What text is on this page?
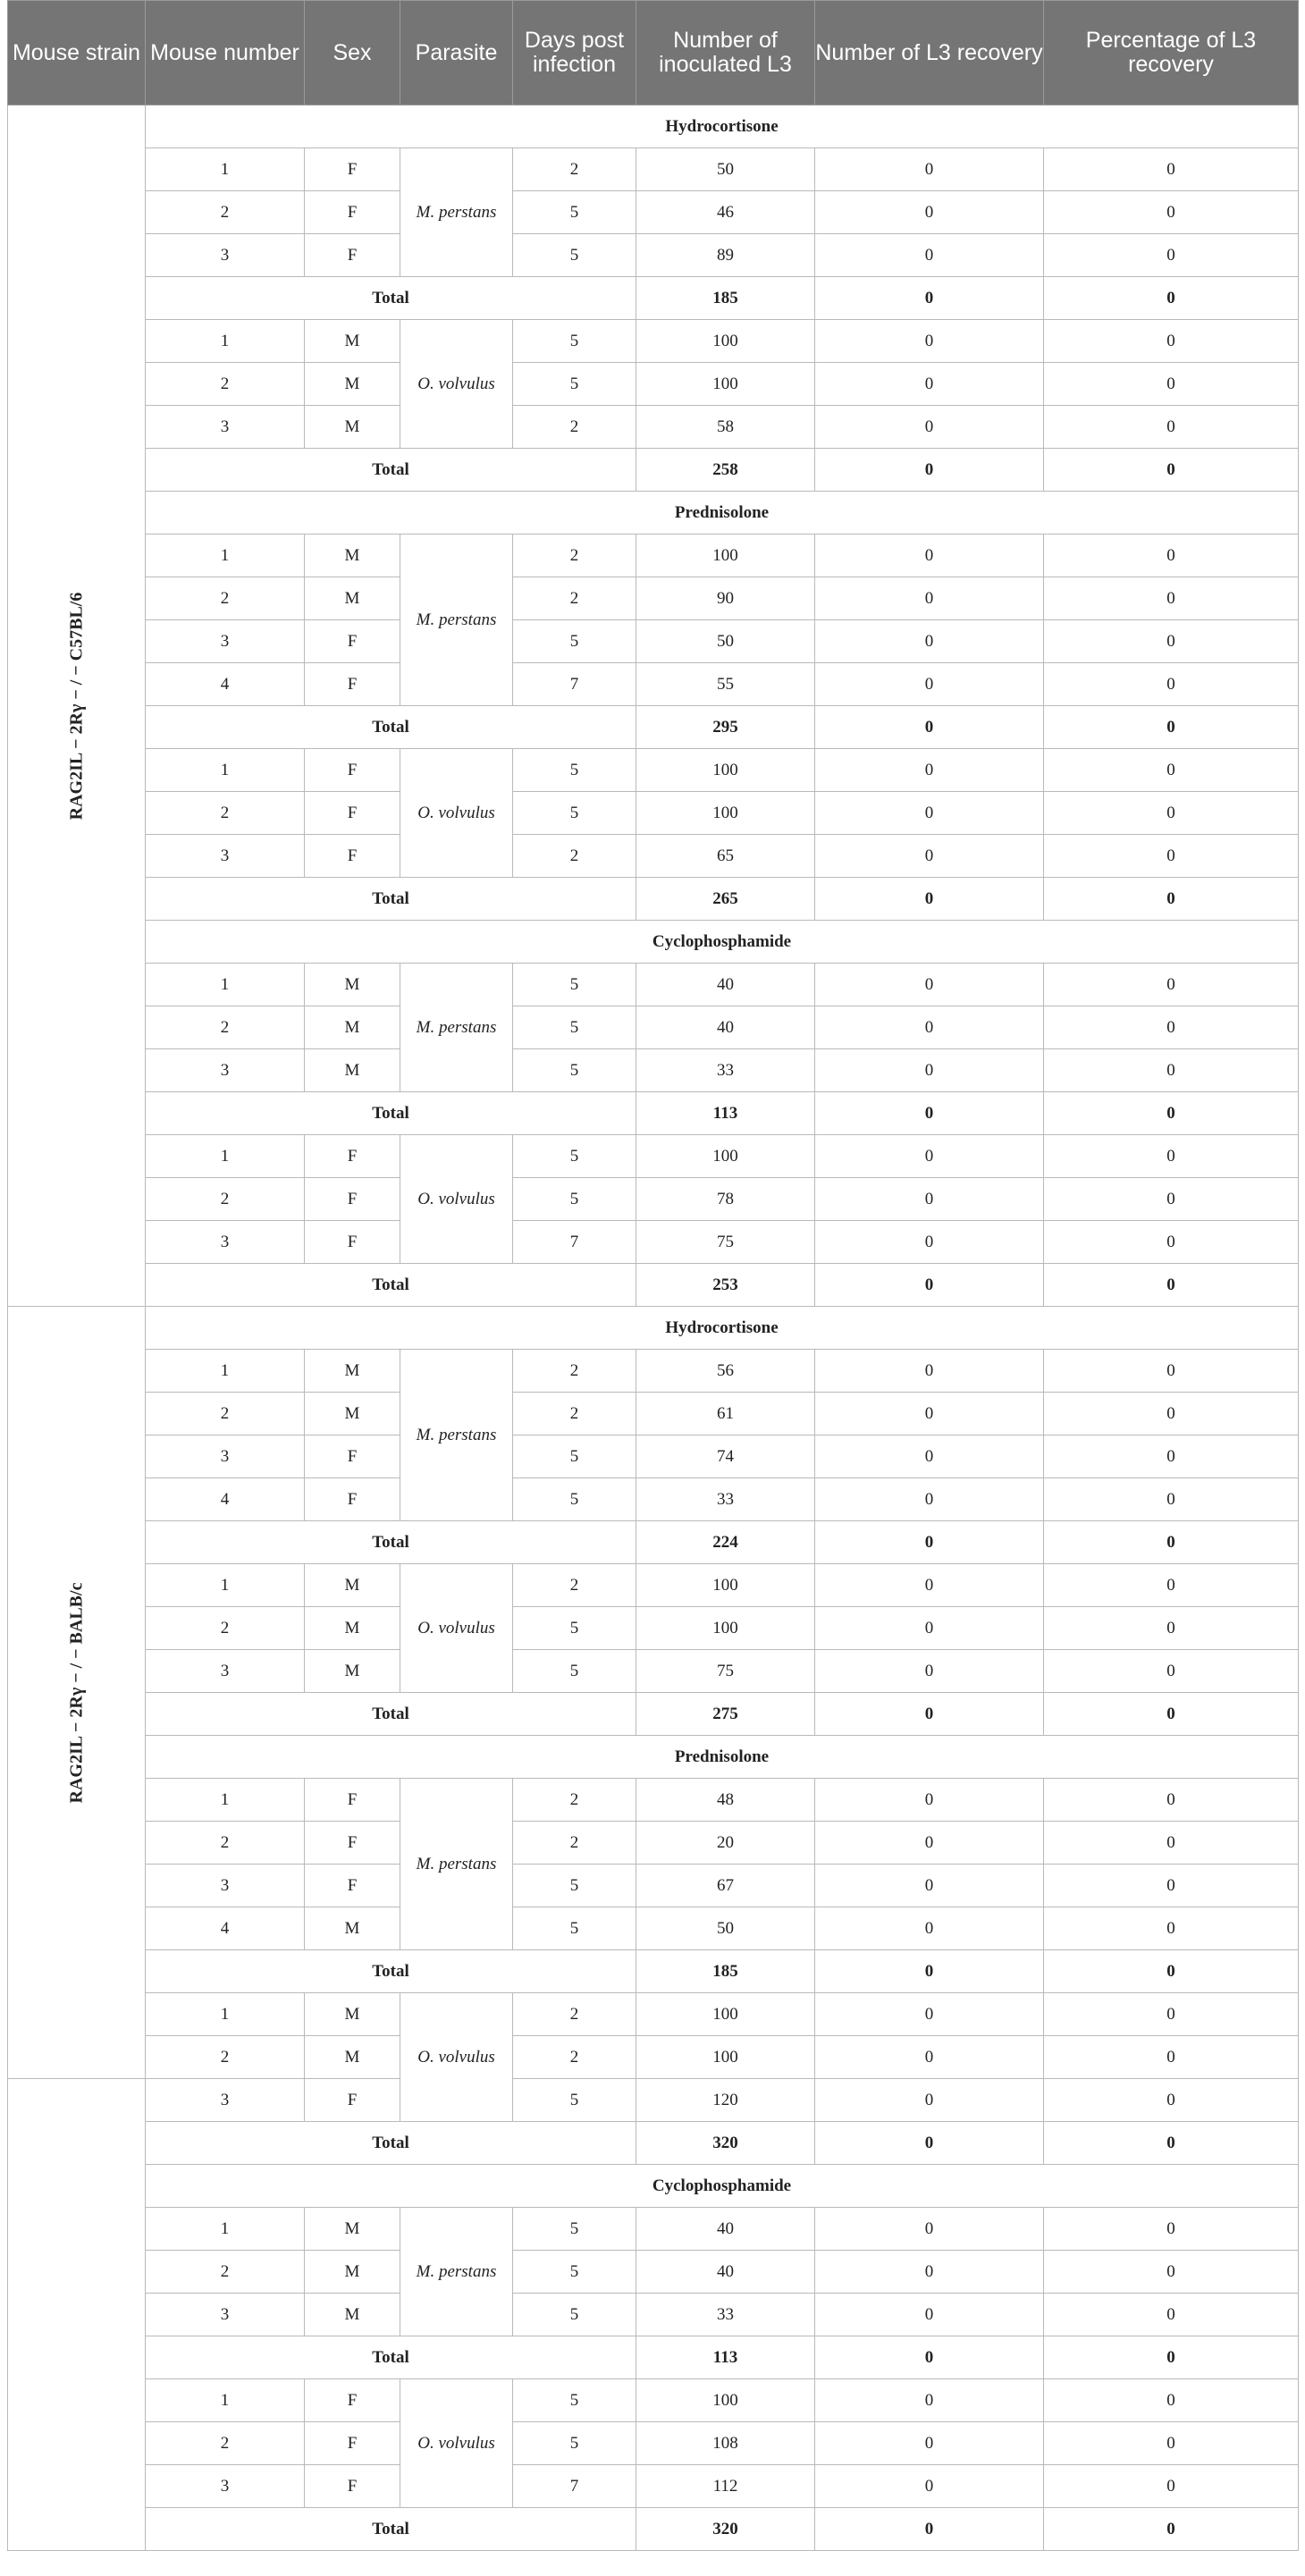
Mouse strain	Mouse number	Sex	Parasite	Days post infection	Number of inoculated L3	Number of L3 recovery	Percentage of L3 recovery

RAG2IL − 2Rγ − / − C57BL/6	Hydrocortisone						
	1	F	M. perstans	2	50	0	0
	2	F		5	46	0	0
	3	F		5	89	0	0
	Total				185	0	0
	1	M	O. volvulus	5	100	0	0
	2	M		5	100	0	0
	3	M		2	58	0	0
	Total				258	0	0
	Prednisolone						
	1	M	M. perstans	2	100	0	0
	2	M		2	90	0	0
	3	F		5	50	0	0
	4	F		7	55	0	0
	Total				295	0	0
	1	F	O. volvulus	5	100	0	0
	2	F		5	100	0	0
	3	F		2	65	0	0
	Total				265	0	0
	Cyclophosphamide						
	1	M	M. perstans	5	40	0	0
	2	M		5	40	0	0
	3	M		5	33	0	0
	Total				113	0	0
	1	F	O. volvulus	5	100	0	0
	2	F		5	78	0	0
	3	F		7	75	0	0
	Total				253	0	0

RAG2IL − 2Rγ − / − BALB/c	Hydrocortisone						
	1	M	M. perstans	2	56	0	0
	2	M		2	61	0	0
	3	F		5	74	0	0
	4	F		5	33	0	0
	Total				224	0	0
	1	M	O. volvulus	2	100	0	0
	2	M		5	100	0	0
	3	M		5	75	0	0
	Total				275	0	0
	Prednisolone						
	1	F	M. perstans	2	48	0	0
	2	F		2	20	0	0
	3	F		5	67	0	0
	4	M		5	50	0	0
	Total				185	0	0
	1	M	O. volvulus	2	100	0	0
	2	M		2	100	0	0
	3	F		5	120	0	0
	Total				320	0	0
	Cyclophosphamide						
	1	M	M. perstans	5	40	0	0
	2	M		5	40	0	0
	3	M		5	33	0	0
	Total				113	0	0
	1	F	O. volvulus	5	100	0	0
	2	F		5	108	0	0
	3	F		7	112	0	0
	Total				320	0	0
